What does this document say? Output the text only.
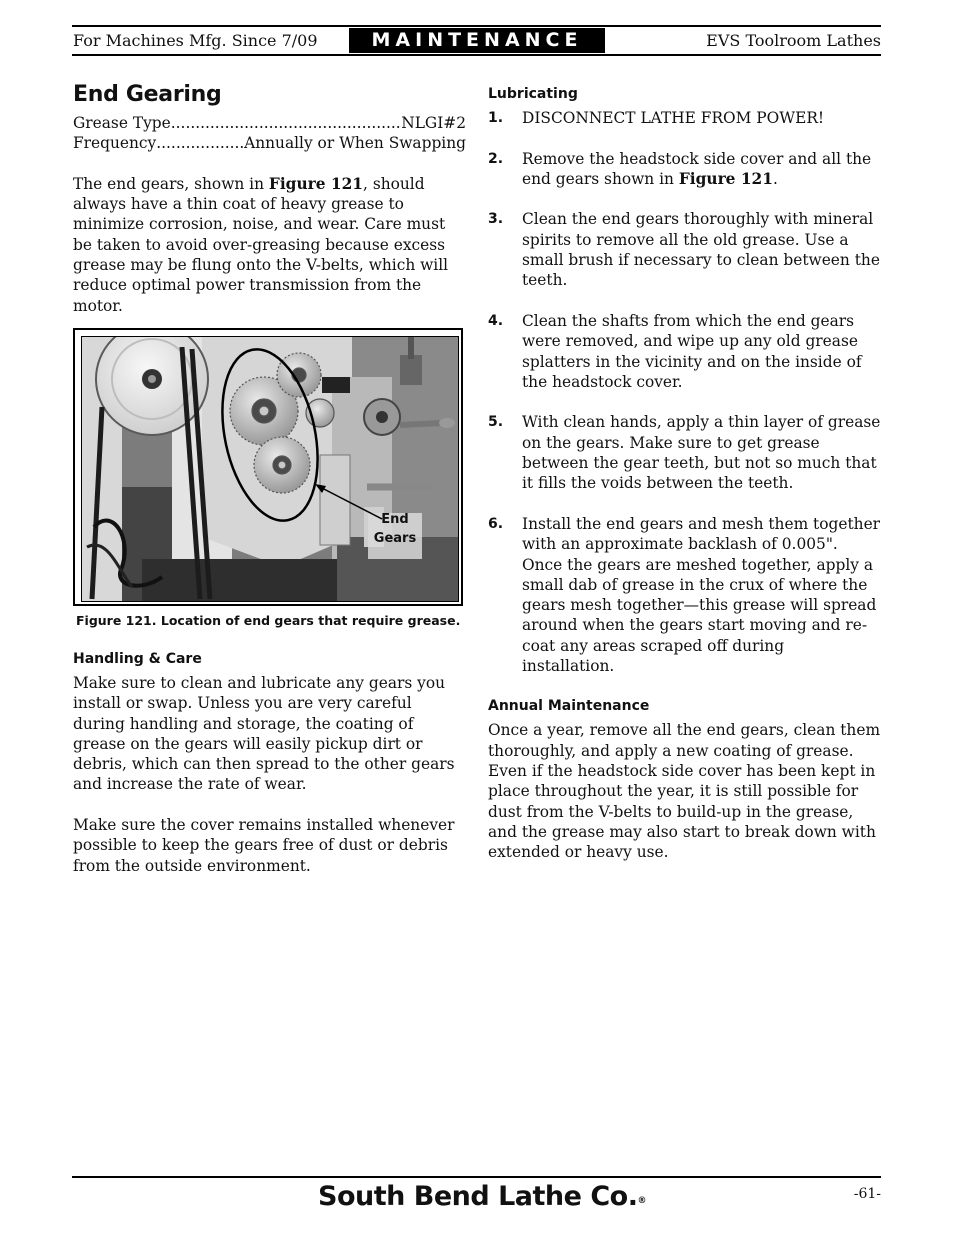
For Machines Mfg. Since 7/09	MAINTENANCE	EVS Toolroom Lathes
End Gearing
Grease Type .....	NLGI#2
Frequency .....	Annually or When Swapping

The end gears, shown in Figure 121, should always have a thin coat of heavy grease to minimize corrosion, noise, and wear. Care must be taken to avoid over-greasing because excess grease may be flung onto the V-belts, which will reduce optimal power transmission from the motor.

End
Gears
Figure 121. Location of end gears that require grease.
Handling & Care

Make sure to clean and lubricate any gears you install or swap. Unless you are very careful during handling and storage, the coating of grease on the gears will easily pickup dirt or debris, which can then spread to the other gears and increase the rate of wear.

Make sure the cover remains installed whenever possible to keep the gears free of dust or debris from the outside environment.

Lubricating
1.	DISCONNECT LATHE FROM POWER!
2.	Remove the headstock side cover and all the end gears shown in Figure 121.
3.	Clean the end gears thoroughly with mineral spirits to remove all the old grease. Use a small brush if necessary to clean between the teeth.
4.	Clean the shafts from which the end gears were removed, and wipe up any old grease splatters in the vicinity and on the inside of the headstock cover.
5.	With clean hands, apply a thin layer of grease on the gears. Make sure to get grease between the gear teeth, but not so much that it fills the voids between the teeth.
6.	Install the end gears and mesh them together with an approximate backlash of 0.005". Once the gears are meshed together, apply a small dab of grease in the crux of where the gears mesh together—this grease will spread around when the gears start moving and re-coat any areas scraped off during installation.
Annual Maintenance

Once a year, remove all the end gears, clean them thoroughly, and apply a new coating of grease. Even if the headstock side cover has been kept in place throughout the year, it is still possible for dust from the V-belts to build-up in the grease, and the grease may also start to break down with extended or heavy use.

South Bend Lathe Co.®	-61-
